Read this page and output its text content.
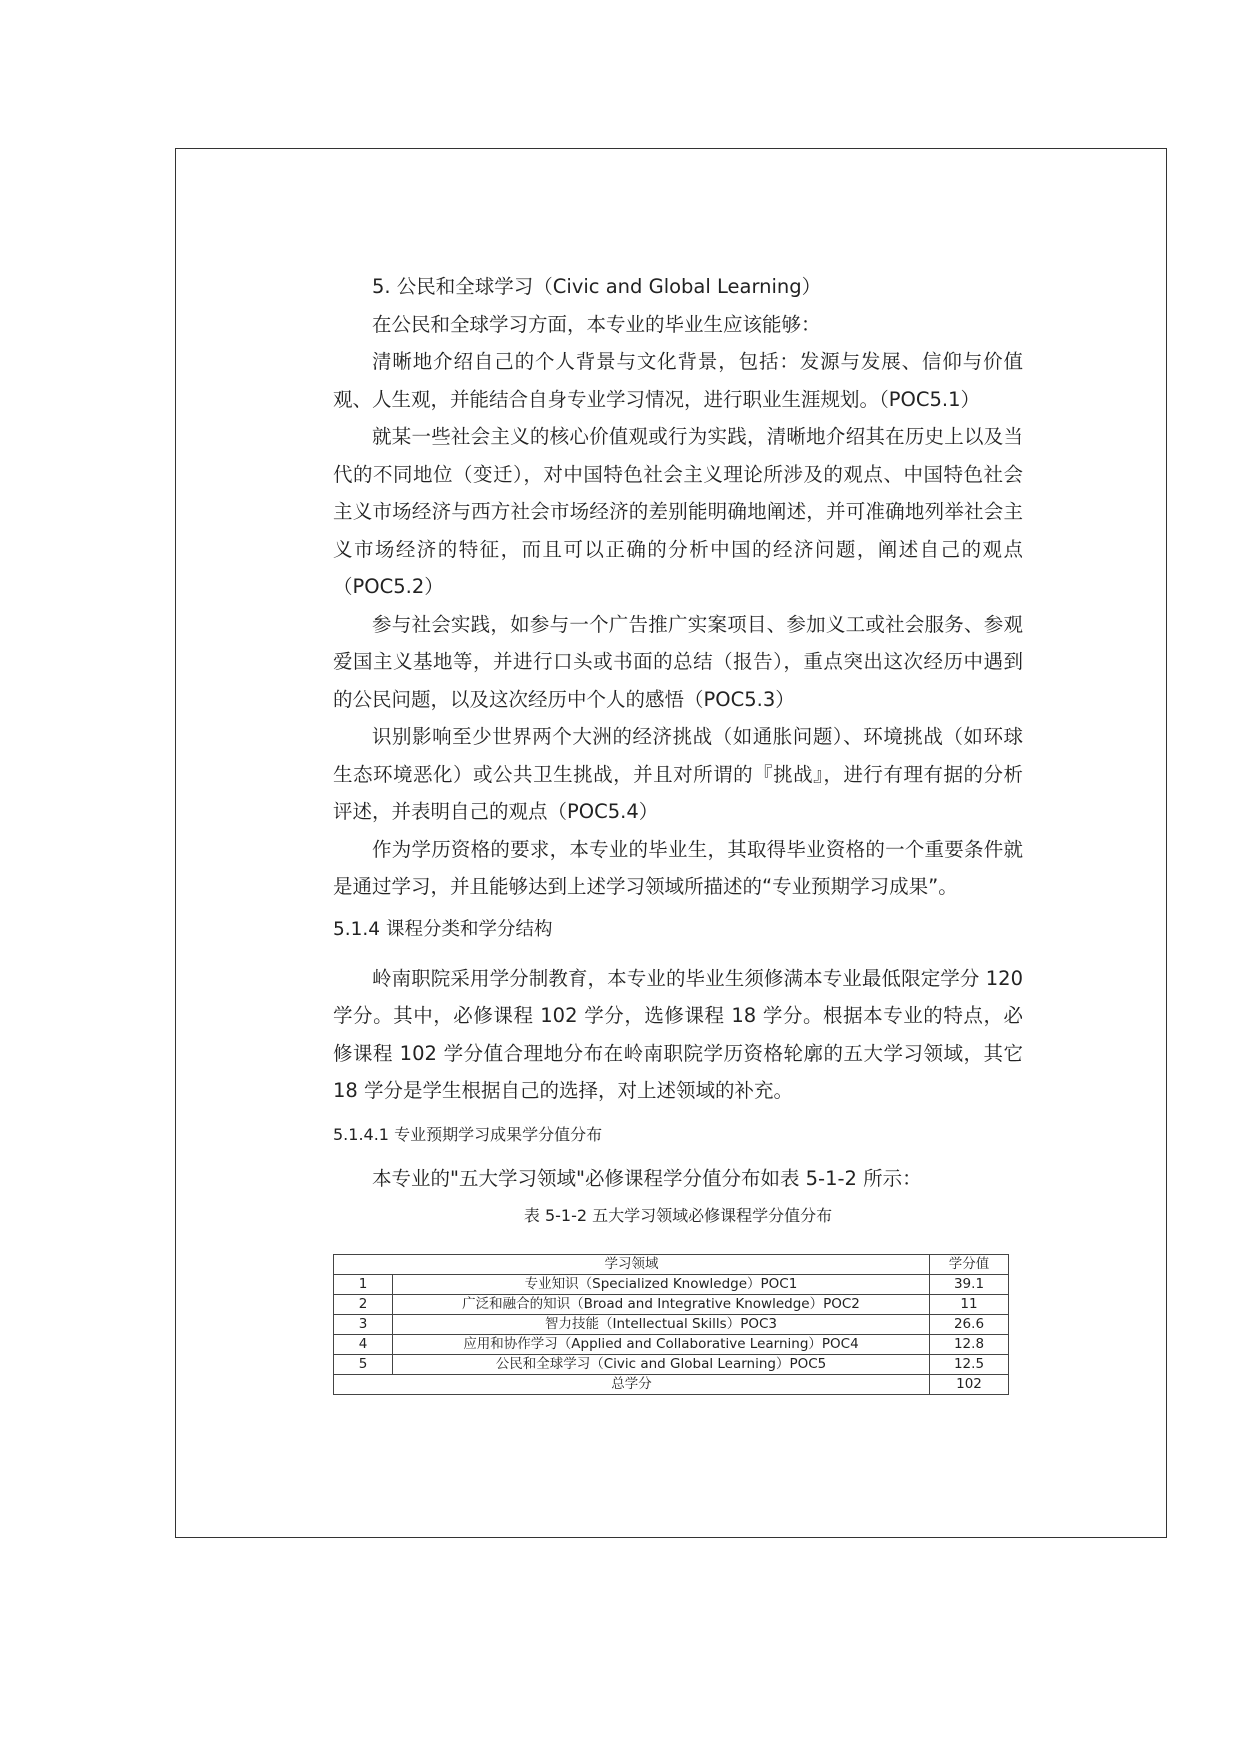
5. 公民和全球学习（Civic and Global Learning）

在公民和全球学习方面，本专业的毕业生应该能够：

清晰地介绍自己的个人背景与文化背景，包括：发源与发展、信仰与价值观、人生观，并能结合自身专业学习情况，进行职业生涯规划。（POC5.1）

就某一些社会主义的核心价值观或行为实践，清晰地介绍其在历史上以及当代的不同地位（变迁），对中国特色社会主义理论所涉及的观点、中国特色社会主义市场经济与西方社会市场经济的差别能明确地阐述，并可准确地列举社会主义市场经济的特征，而且可以正确的分析中国的经济问题，阐述自己的观点（POC5.2）

参与社会实践，如参与一个广告推广实案项目、参加义工或社会服务、参观爱国主义基地等，并进行口头或书面的总结（报告），重点突出这次经历中遇到的公民问题，以及这次经历中个人的感悟（POC5.3）

识别影响至少世界两个大洲的经济挑战（如通胀问题）、环境挑战（如环球生态环境恶化）或公共卫生挑战，并且对所谓的『挑战』，进行有理有据的分析评述，并表明自己的观点（POC5.4）

作为学历资格的要求，本专业的毕业生，其取得毕业资格的一个重要条件就是通过学习，并且能够达到上述学习领域所描述的“专业预期学习成果”。

5.1.4 课程分类和学分结构

岭南职院采用学分制教育，本专业的毕业生须修满本专业最低限定学分 120 学分。其中，必修课程 102 学分，选修课程 18 学分。根据本专业的特点，必修课程 102 学分值合理地分布在岭南职院学历资格轮廓的五大学习领域，其它 18 学分是学生根据自己的选择，对上述领域的补充。

5.1.4.1 专业预期学习成果学分值分布

本专业的"五大学习领域"必修课程学分值分布如表 5-1-2 所示：

表 5-1-2 五大学习领域必修课程学分值分布

学习领域		学分值
1	专业知识（Specialized Knowledge）POC1	39.1
2	广泛和融合的知识（Broad and Integrative Knowledge）POC2	11
3	智力技能（Intellectual Skills）POC3	26.6
4	应用和协作学习（Applied and Collaborative Learning）POC4	12.8
5	公民和全球学习（Civic and Global Learning）POC5	12.5
总学分		102
